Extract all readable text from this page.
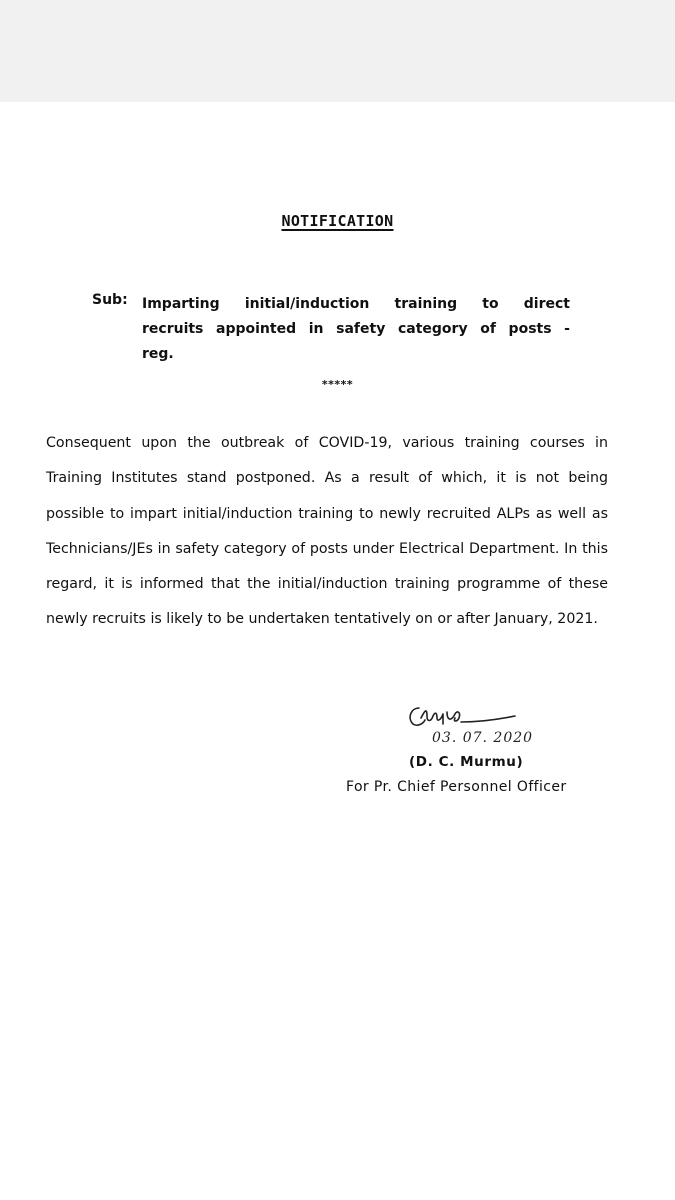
NOTIFICATION
Sub: Imparting initial/induction training to direct recruits appointed in safety category of posts - reg.
*****
Consequent upon the outbreak of COVID-19, various training courses in Training Institutes stand postponed. As a result of which, it is not being possible to impart initial/induction training to newly recruited ALPs as well as Technicians/JEs in safety category of posts under Electrical Department. In this regard, it is informed that the initial/induction training programme of these newly recruits is likely to be undertaken tentatively on or after January, 2021.
03. 07. 2020
(D. C. Murmu)
For Pr. Chief Personnel Officer
